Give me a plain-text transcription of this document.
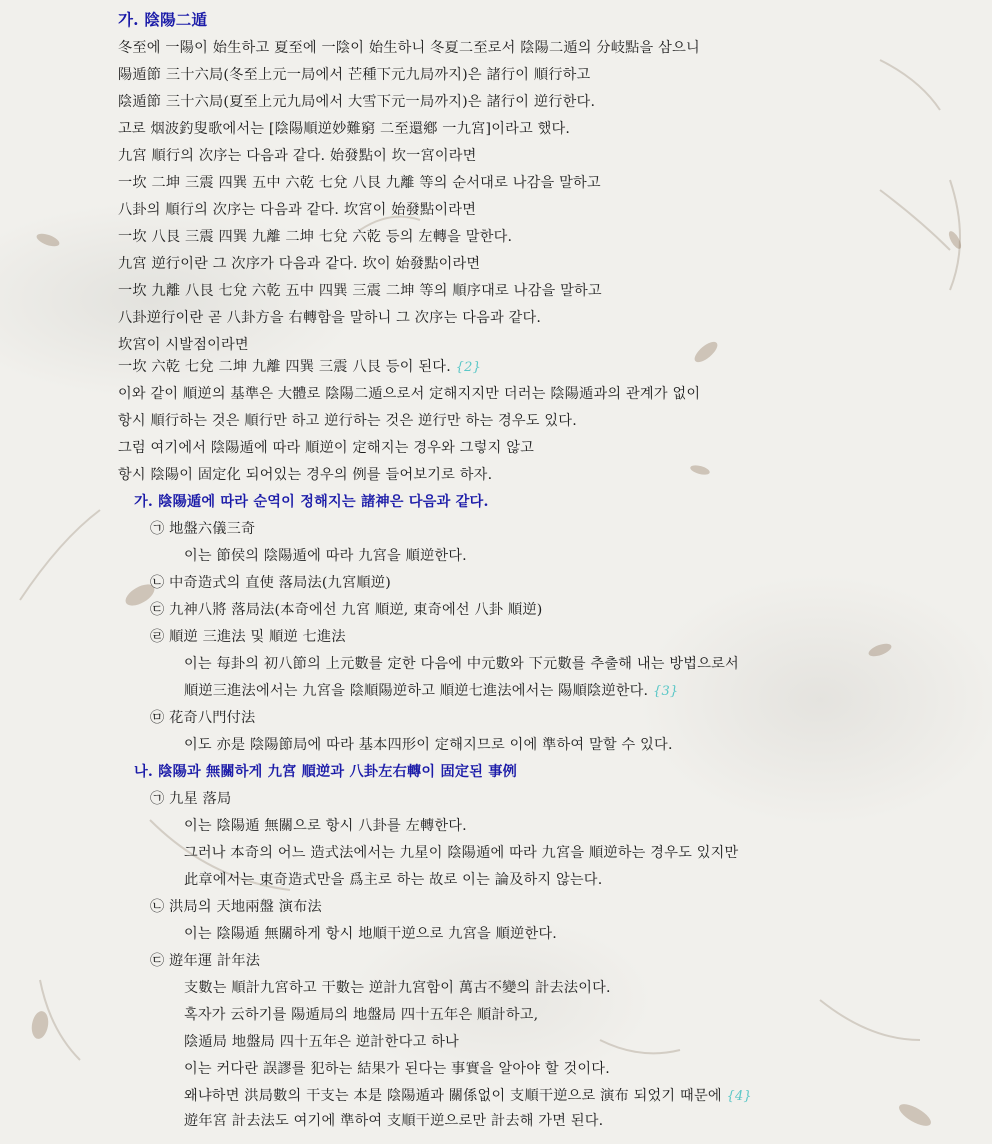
가. 陰陽二遁
冬至에 一陽이 始生하고 夏至에 一陰이 始生하니 冬夏二至로서 陰陽二遁의 分岐點을 삼으니
陽遁節 三十六局(冬至上元一局에서 芒種下元九局까지)은 諸行이 順行하고
陰遁節 三十六局(夏至上元九局에서 大雪下元一局까지)은 諸行이 逆行한다.
고로 烟波釣叟歌에서는 [陰陽順逆妙難窮 二至還鄕 一九宮]이라고 했다.
九宮 順行의 次序는 다음과 같다. 始發點이 坎一宮이라면
一坎 二坤 三震 四巽 五中 六乾 七兌 八艮 九離 等의 순서대로 나감을 말하고
八卦의 順行의 次序는 다음과 같다. 坎宮이 始發點이라면
一坎 八艮 三震 四巽 九離 二坤 七兌 六乾 등의 左轉을 말한다.
九宮 逆行이란 그 次序가 다음과 같다. 坎이 始發點이라면
一坎 九離 八艮 七兌 六乾 五中 四巽 三震 二坤 等의 順序대로 나감을 말하고
八卦逆行이란 곧 八卦方을 右轉함을 말하니 그 次序는 다음과 같다.
坎宮이 시발점이라면
一坎 六乾 七兌 二坤 九離 四巽 三震 八艮 등이 된다. {2}
이와 같이 順逆의 基準은 大體로 陰陽二遁으로서 定해지지만 더러는 陰陽遁과의 관계가 없이
항시 順行하는 것은 順行만 하고 逆行하는 것은 逆行만 하는 경우도 있다.
그럼 여기에서 陰陽遁에 따라 順逆이 定해지는 경우와 그렇지 않고
항시 陰陽이 固定化 되어있는 경우의 例를 들어보기로 하자.
가. 陰陽遁에 따라 순역이 정해지는 諸神은 다음과 같다.
㉠ 地盤六儀三奇
이는 節侯의 陰陽遁에 따라 九宮을 順逆한다.
㉡ 中奇造式의 直使 落局法(九宮順逆)
㉢ 九神八將 落局法(本奇에선 九宮 順逆, 東奇에선 八卦 順逆)
㉣ 順逆 三進法 및 順逆 七進法
이는 每卦의 初八節의 上元數를 定한 다음에 中元數와 下元數를 추출해 내는 방법으로서
順逆三進法에서는 九宮을 陰順陽逆하고 順逆七進法에서는 陽順陰逆한다. {3}
㉤ 花奇八門付法
이도 亦是 陰陽節局에 따라 基本四形이 定해지므로 이에 準하여 말할 수 있다.
나. 陰陽과 無關하게 九宮 順逆과 八卦左右轉이 固定된 事例
㉠ 九星 落局
이는 陰陽遁 無關으로 항시 八卦를 左轉한다.
그러나 本奇의 어느 造式法에서는 九星이 陰陽遁에 따라 九宮을 順逆하는 경우도 있지만
此章에서는 東奇造式만을 爲主로 하는 故로 이는 論及하지 않는다.
㉡ 洪局의 天地兩盤 演布法
이는 陰陽遁 無關하게 항시 地順干逆으로 九宮을 順逆한다.
㉢ 遊年運 計年法
支數는 順計九宮하고 干數는 逆計九宮함이 萬古不變의 計去法이다.
혹자가 云하기를 陽遁局의 地盤局 四十五年은 順計하고,
陰遁局 地盤局 四十五年은 逆計한다고 하나
이는 커다란 誤謬를 犯하는 結果가 된다는 事實을 알아야 할 것이다.
왜냐하면 洪局數의 干支는 本是 陰陽遁과 關係없이 支順干逆으로 演布 되었기 때문에 {4}
遊年宮 計去法도 여기에 準하여 支順干逆으로만 計去해 가면 된다.
